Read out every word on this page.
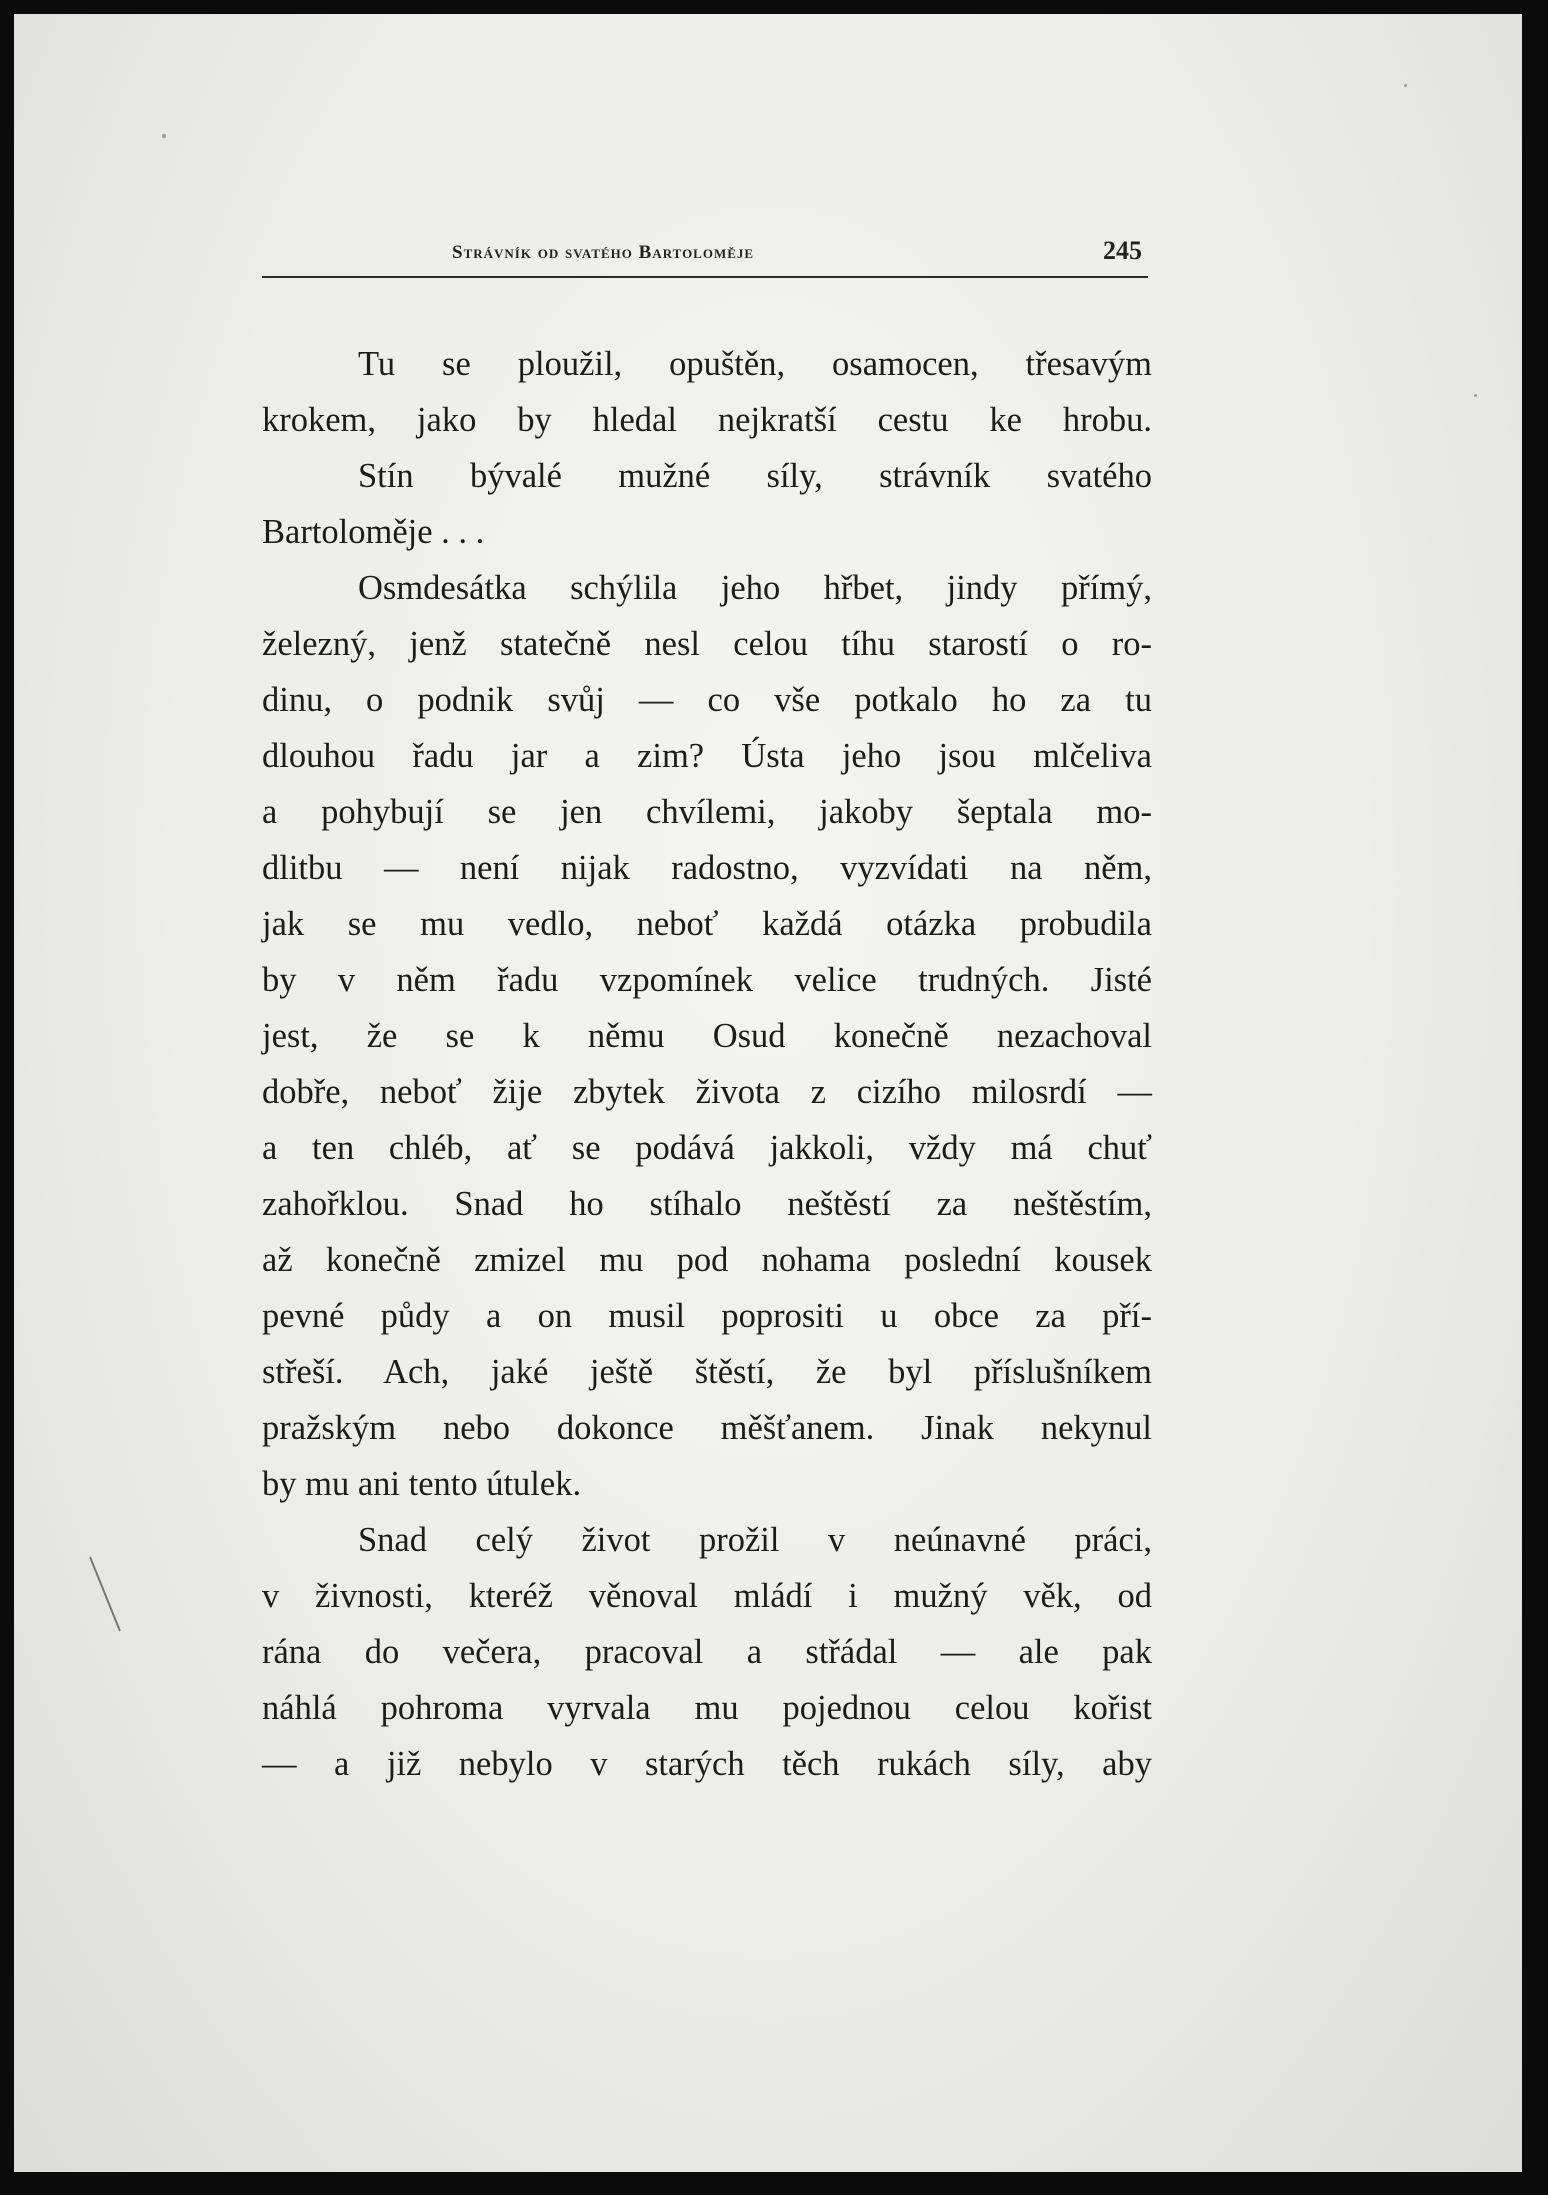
Strávník od svatého Bartoloměje	245
Tu se ploužil, opuštěn, osamocen, třesavým
krokem, jako by hledal nejkratší cestu ke hrobu.
Stín bývalé mužné síly, strávník svatého
Bartoloměje . . .
Osmdesátka schýlila jeho hřbet, jindy přímý,
železný, jenž statečně nesl celou tíhu starostí o ro-
dinu, o podnik svůj — co vše potkalo ho za tu
dlouhou řadu jar a zim? Ústa jeho jsou mlčeliva
a pohybují se jen chvílemi, jakoby šeptala mo-
dlitbu — není nijak radostno, vyzvídati na něm,
jak se mu vedlo, neboť každá otázka probudila
by v něm řadu vzpomínek velice trudných. Jisté
jest, že se k němu Osud konečně nezachoval
dobře, neboť žije zbytek života z cizího milosrdí —
a ten chléb, ať se podává jakkoli, vždy má chuť
zahořklou. Snad ho stíhalo neštěstí za neštěstím,
až konečně zmizel mu pod nohama poslední kousek
pevné půdy a on musil poprositi u obce za pří-
střeší. Ach, jaké ještě štěstí, že byl příslušníkem
pražským nebo dokonce měšťanem. Jinak nekynul
by mu ani tento útulek.
Snad celý život prožil v neúnavné práci,
v živnosti, kteréž věnoval mládí i mužný věk, od
rána do večera, pracoval a střádal — ale pak
náhlá pohroma vyrvala mu pojednou celou kořist
— a již nebylo v starých těch rukách síly, aby
